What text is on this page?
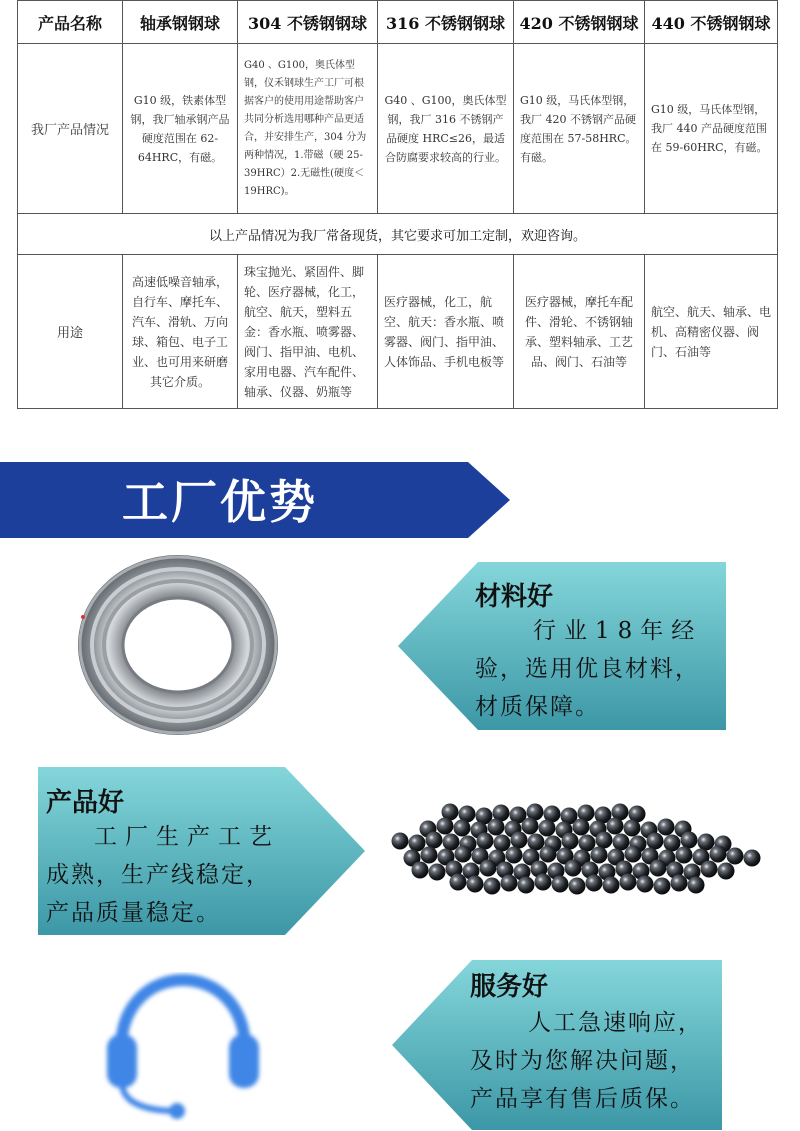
产品名称	轴承钢钢球	304 不锈钢钢球	316 不锈钢钢球	420 不锈钢钢球	440 不锈钢钢球
我厂产品情况	G10 级，铁素体型钢，我厂轴承钢产品硬度范围在 62-64HRC，有磁。	G40 、G100，奥氏体型钢，仪禾钢球生产工厂可根据客户的使用用途帮助客户共同分析选用哪种产品更适合，并安排生产，304 分为两种情况，1.带磁（硬 25-39HRC）2.无磁性(硬度＜19HRC)。	G40 、G100，奥氏体型钢，我厂 316 不锈钢产品硬度 HRC≤26，最适合防腐要求较高的行业。	G10 级，马氏体型钢，我厂 420 不锈钢产品硬度范围在 57-58HRC。有磁。	G10 级，马氏体型钢，我厂 440 产品硬度范围在 59-60HRC，有磁。
以上产品情况为我厂常备现货，其它要求可加工定制，欢迎咨询。					
用途	高速低噪音轴承，自行车、摩托车、汽车、滑轨、万向球、箱包、电子工业、也可用来研磨其它介质。	珠宝抛光、紧固件、脚轮、医疗器械，化工，航空、航天，塑料五金：香水瓶、喷雾器、阀门、指甲油、电机、家用电器、汽车配件、轴承、仪器、奶瓶等	医疗器械，化工，航空、航天：香水瓶、喷雾器、阀门、指甲油、人体饰品、手机电板等	医疗器械，摩托车配件、滑轮、不锈钢轴承、塑料轴承、工艺品、阀门、石油等	航空、航天、轴承、电机、高精密仪器、阀门、石油等
工厂优势
材料好
行业18年经
验，选用优良材料，
材质保障。
产品好
工厂生产工艺
成熟，生产线稳定，
产品质量稳定。
服务好
人工急速响应，
及时为您解决问题，
产品享有售后质保。
